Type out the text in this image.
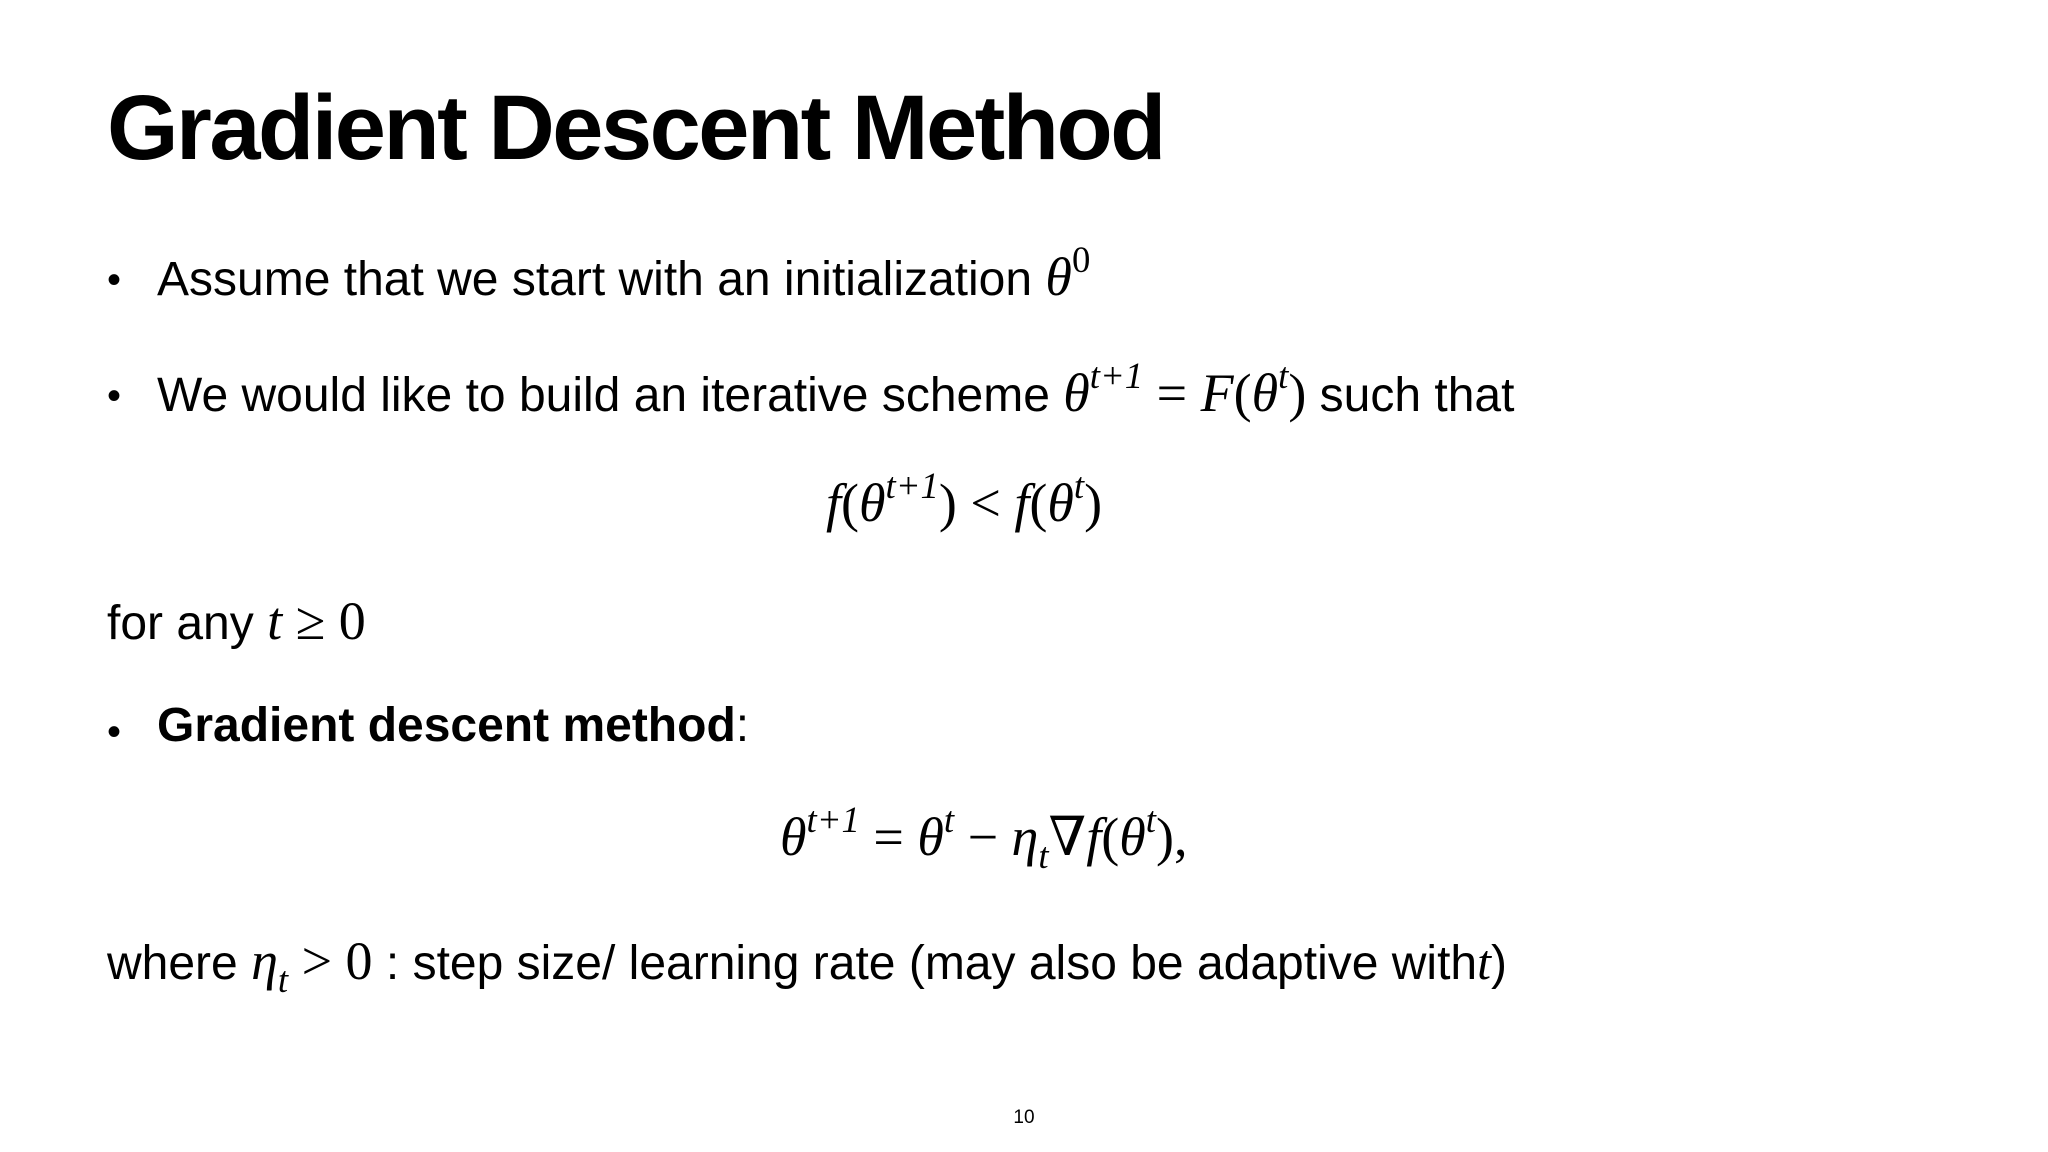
Gradient Descent Method
• Assume that we start with an initialization $\theta^0$
• We would like to build an iterative scheme $\theta^{t+1} = F(\theta^t)$ such that
$f(\theta^{t+1}) < f(\theta^t)$
for any t ≥ 0
• Gradient descent method:
$\theta^{t+1} = \theta^t - \eta_t\nabla f(\theta^t)$,
where $\eta_t > 0$ : step size/ learning rate (may also be adaptive witht)
10
